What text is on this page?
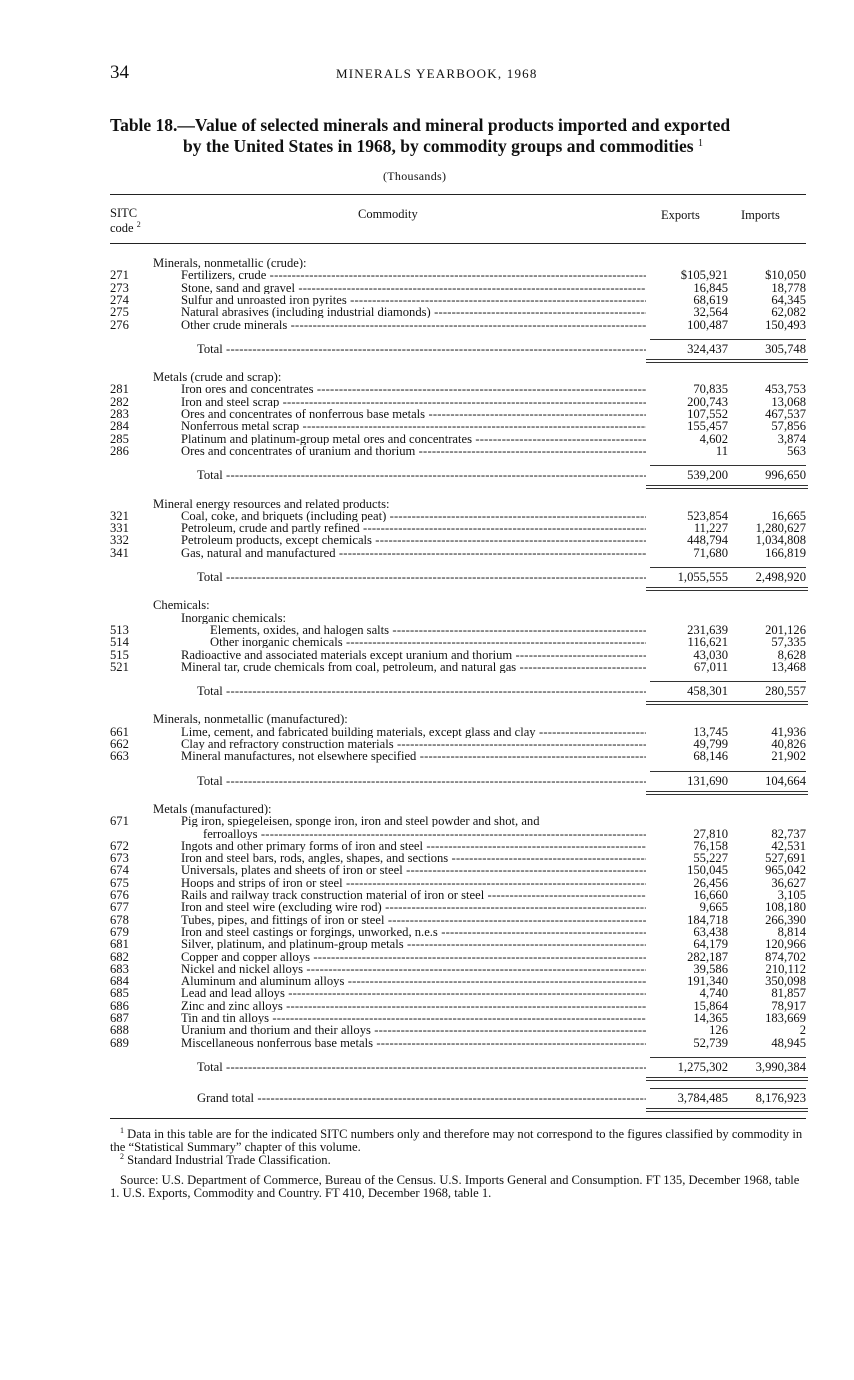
34	MINERALS YEARBOOK, 1968
Table 18.—Value of selected minerals and mineral products imported and exported
by the United States in 1968, by commodity groups and commodities $^1$
(Thousands)
SITC
code $^2$
Commodity	Exports	Imports
Minerals, nonmetallic (crude):
271	Fertilizers, crude -----	$105,921	$10,050
273	Stone, sand and gravel -----	16,845	18,778
274	Sulfur and unroasted iron pyrites -----	68,619	64,345
275	Natural abrasives (including industrial diamonds) -----	32,564	62,082
276	Other crude minerals -----	100,487	150,493
Total -----	324,437	305,748
Metals (crude and scrap):
281	Iron ores and concentrates -----	70,835	453,753
282	Iron and steel scrap -----	200,743	13,068
283	Ores and concentrates of nonferrous base metals -----	107,552	467,537
284	Nonferrous metal scrap -----	155,457	57,856
285	Platinum and platinum-group metal ores and concentrates -----	4,602	3,874
286	Ores and concentrates of uranium and thorium -----	11	563
Total -----	539,200	996,650
Mineral energy resources and related products:
321	Coal, coke, and briquets (including peat) -----	523,854	16,665
331	Petroleum, crude and partly refined -----	11,227	1,280,627
332	Petroleum products, except chemicals -----	448,794	1,034,808
341	Gas, natural and manufactured -----	71,680	166,819
Total -----	1,055,555	2,498,920
Chemicals:
Inorganic chemicals:
513	Elements, oxides, and halogen salts -----	231,639	201,126
514	Other inorganic chemicals -----	116,621	57,335
515	Radioactive and associated materials except uranium and thorium -----	43,030	8,628
521	Mineral tar, crude chemicals from coal, petroleum, and natural gas -----	67,011	13,468
Total -----	458,301	280,557
Minerals, nonmetallic (manufactured):
661	Lime, cement, and fabricated building materials, except glass and clay -----	13,745	41,936
662	Clay and refractory construction materials -----	49,799	40,826
663	Mineral manufactures, not elsewhere specified -----	68,146	21,902
Total -----	131,690	104,664
Metals (manufactured):
671	Pig iron, spiegeleisen, sponge iron, iron and steel powder and shot, and
ferroalloys -----	27,810	82,737
672	Ingots and other primary forms of iron and steel -----	76,158	42,531
673	Iron and steel bars, rods, angles, shapes, and sections -----	55,227	527,691
674	Universals, plates and sheets of iron or steel -----	150,045	965,042
675	Hoops and strips of iron or steel -----	26,456	36,627
676	Rails and railway track construction material of iron or steel -----	16,660	3,105
677	Iron and steel wire (excluding wire rod) -----	9,665	108,180
678	Tubes, pipes, and fittings of iron or steel -----	184,718	266,390
679	Iron and steel castings or forgings, unworked, n.e.s -----	63,438	8,814
681	Silver, platinum, and platinum-group metals -----	64,179	120,966
682	Copper and copper alloys -----	282,187	874,702
683	Nickel and nickel alloys -----	39,586	210,112
684	Aluminum and aluminum alloys -----	191,340	350,098
685	Lead and lead alloys -----	4,740	81,857
686	Zinc and zinc alloys -----	15,864	78,917
687	Tin and tin alloys -----	14,365	183,669
688	Uranium and thorium and their alloys -----	126	2
689	Miscellaneous nonferrous base metals -----	52,739	48,945
Total -----	1,275,302	3,990,384
Grand total -----	3,784,485	8,176,923
$^1$ Data in this table are for the indicated SITC numbers only and therefore may not correspond to the figures classified by commodity in the “Statistical Summary” chapter of this volume.
$^2$ Standard Industrial Trade Classification.
Source: U.S. Department of Commerce, Bureau of the Census. U.S. Imports General and Consumption. FT 135, December 1968, table 1. U.S. Exports, Commodity and Country. FT 410, December 1968, table 1.
